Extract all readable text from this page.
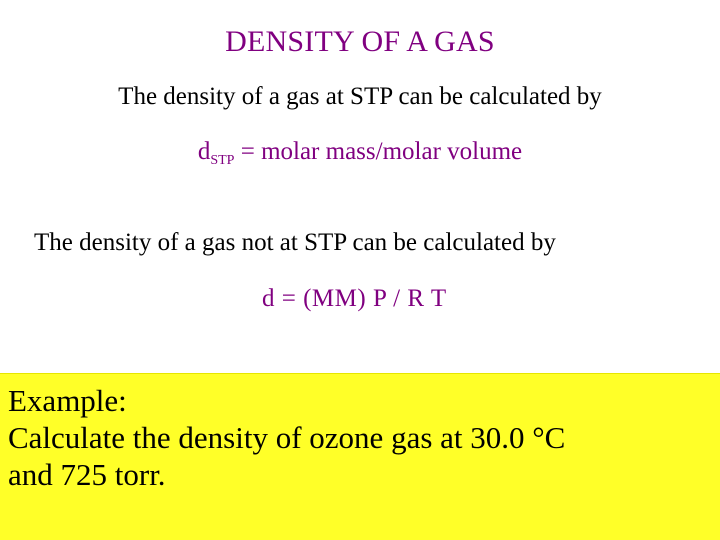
DENSITY OF A GAS
The density of a gas at STP can be calculated by
$d_{STP}$ = molar mass/molar volume
The density of a gas not at STP can be calculated by
d = (MM) P / R T
Example:
Calculate the density of ozone gas at 30.0 °C
and 725 torr.
